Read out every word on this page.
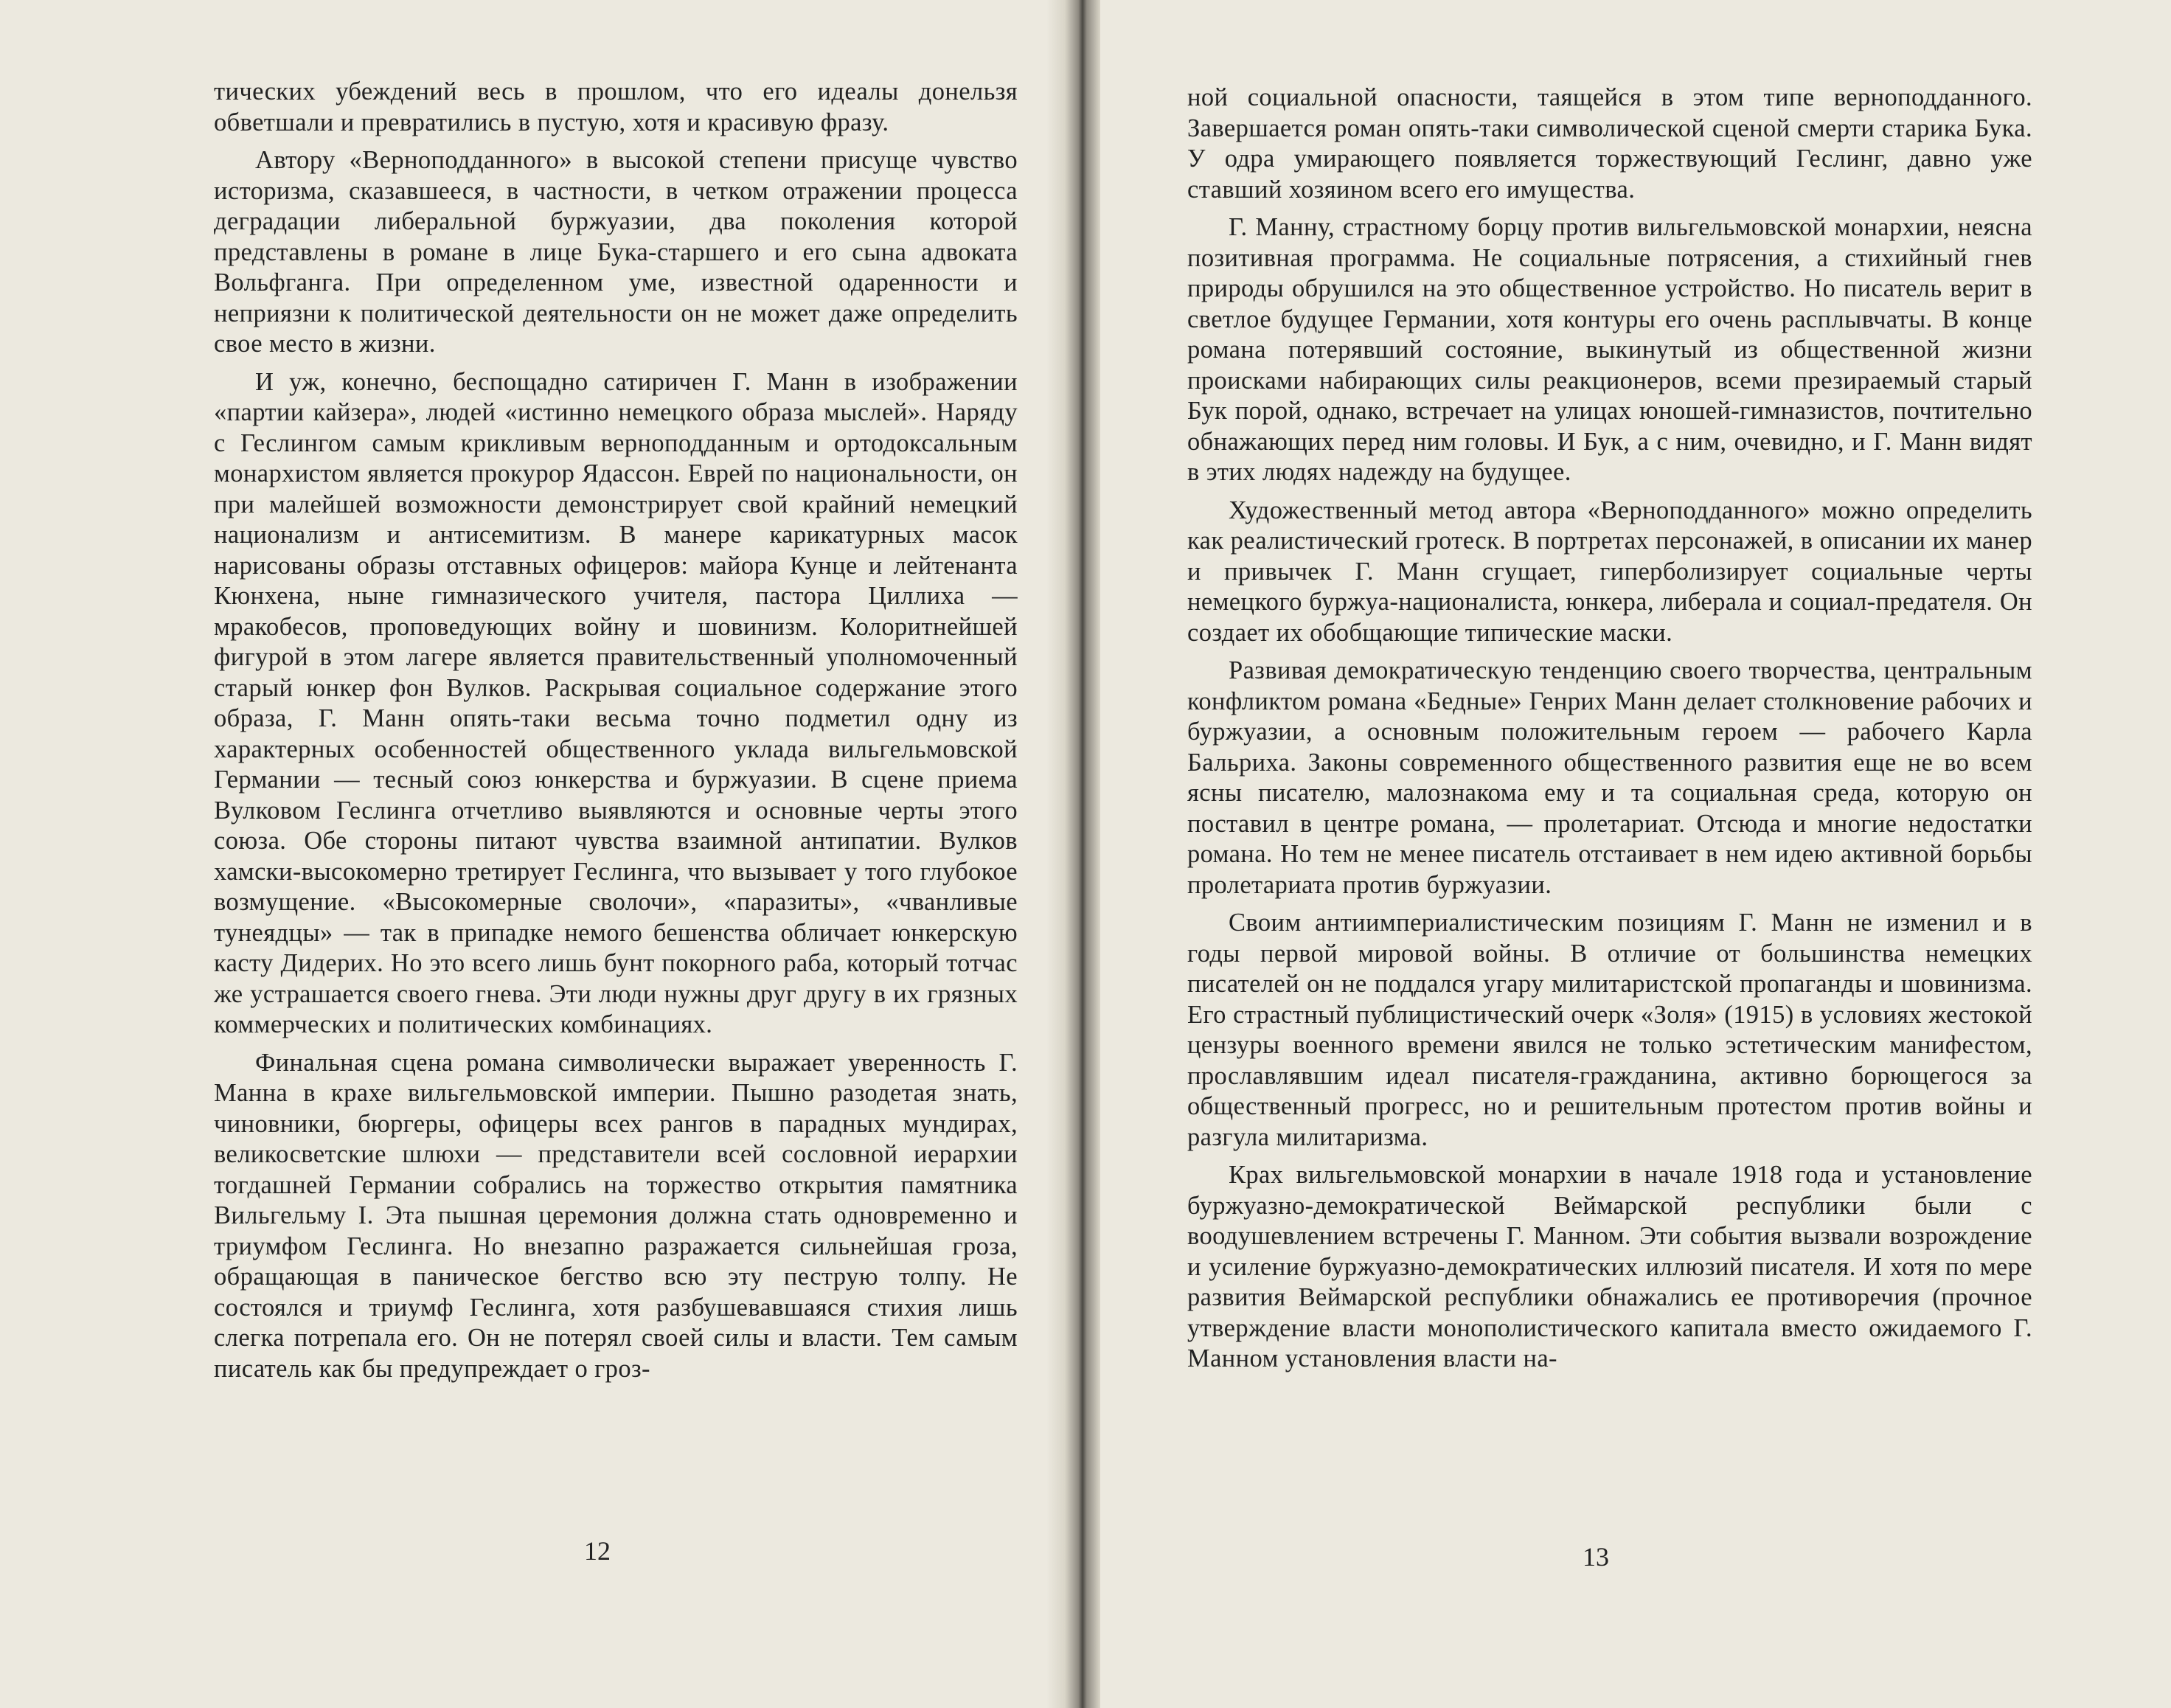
тических убеждений весь в прошлом, что его идеалы донельзя обветшали и превратились в пустую, хотя и красивую фразу.

Автору «Верноподданного» в высокой степени присуще чувство историзма, сказавшееся, в частности, в четком отражении процесса деградации либеральной буржуазии, два поколения которой представлены в романе в лице Бука-старшего и его сына адвоката Вольфганга. При определенном уме, известной одаренности и неприязни к политической деятельности он не может даже определить свое место в жизни.

И уж, конечно, беспощадно сатиричен Г. Манн в изображении «партии кайзера», людей «истинно немецкого образа мыслей». Наряду с Геслингом самым крикливым верноподданным и ортодоксальным монархистом является прокурор Ядассон. Еврей по национальности, он при малейшей возможности демонстрирует свой крайний немецкий национализм и антисемитизм. В манере карикатурных масок нарисованы образы отставных офицеров: майора Кунце и лейтенанта Кюнхена, ныне гимназического учителя, пастора Циллиха — мракобесов, проповедующих войну и шовинизм. Колоритнейшей фигурой в этом лагере является правительственный уполномоченный старый юнкер фон Вулков. Раскрывая социальное содержание этого образа, Г. Манн опять-таки весьма точно подметил одну из характерных особенностей общественного уклада вильгельмовской Германии — тесный союз юнкерства и буржуазии. В сцене приема Вулковом Геслинга отчетливо выявляются и основные черты этого союза. Обе стороны питают чувства взаимной антипатии. Вулков хамски-высокомерно третирует Геслинга, что вызывает у того глубокое возмущение. «Высокомерные сволочи», «паразиты», «чванливые тунеядцы» — так в припадке немого бешенства обличает юнкерскую касту Дидерих. Но это всего лишь бунт покорного раба, который тотчас же устрашается своего гнева. Эти люди нужны друг другу в их грязных коммерческих и политических комбинациях.

Финальная сцена романа символически выражает уверенность Г. Манна в крахе вильгельмовской империи. Пышно разодетая знать, чиновники, бюргеры, офицеры всех рангов в парадных мундирах, великосветские шлюхи — представители всей сословной иерархии тогдашней Германии собрались на торжество открытия памятника Вильгельму I. Эта пышная церемония должна стать одновременно и триумфом Геслинга. Но внезапно разражается сильнейшая гроза, обращающая в паническое бегство всю эту пеструю толпу. Не состоялся и триумф Геслинга, хотя разбушевавшаяся стихия лишь слегка потрепала его. Он не потерял своей силы и власти. Тем самым писатель как бы предупреждает о гроз-

12

ной социальной опасности, таящейся в этом типе верноподданного. Завершается роман опять-таки символической сценой смерти старика Бука. У одра умирающего появляется торжествующий Геслинг, давно уже ставший хозяином всего его имущества.

Г. Манну, страстному борцу против вильгельмовской монархии, неясна позитивная программа. Не социальные потрясения, а стихийный гнев природы обрушился на это общественное устройство. Но писатель верит в светлое будущее Германии, хотя контуры его очень расплывчаты. В конце романа потерявший состояние, выкинутый из общественной жизни происками набирающих силы реакционеров, всеми презираемый старый Бук порой, однако, встречает на улицах юношей-гимназистов, почтительно обнажающих перед ним головы. И Бук, а с ним, очевидно, и Г. Манн видят в этих людях надежду на будущее.

Художественный метод автора «Верноподданного» можно определить как реалистический гротеск. В портретах персонажей, в описании их манер и привычек Г. Манн сгущает, гиперболизирует социальные черты немецкого буржуа-националиста, юнкера, либерала и социал-предателя. Он создает их обобщающие типические маски.

Развивая демократическую тенденцию своего творчества, центральным конфликтом романа «Бедные» Генрих Манн делает столкновение рабочих и буржуазии, а основным положительным героем — рабочего Карла Бальриха. Законы современного общественного развития еще не во всем ясны писателю, малознакома ему и та социальная среда, которую он поставил в центре романа, — пролетариат. Отсюда и многие недостатки романа. Но тем не менее писатель отстаивает в нем идею активной борьбы пролетариата против буржуазии.

Своим антиимпериалистическим позициям Г. Манн не изменил и в годы первой мировой войны. В отличие от большинства немецких писателей он не поддался угару милитаристской пропаганды и шовинизма. Его страстный публицистический очерк «Золя» (1915) в условиях жестокой цензуры военного времени явился не только эстетическим манифестом, прославлявшим идеал писателя-гражданина, активно борющегося за общественный прогресс, но и решительным протестом против войны и разгула милитаризма.

Крах вильгельмовской монархии в начале 1918 года и установление буржуазно-демократической Веймарской республики были с воодушевлением встречены Г. Манном. Эти события вызвали возрождение и усиление буржуазно-демократических иллюзий писателя. И хотя по мере развития Веймарской республики обнажались ее противоречия (прочное утверждение власти монополистического капитала вместо ожидаемого Г. Манном установления власти на-

13
